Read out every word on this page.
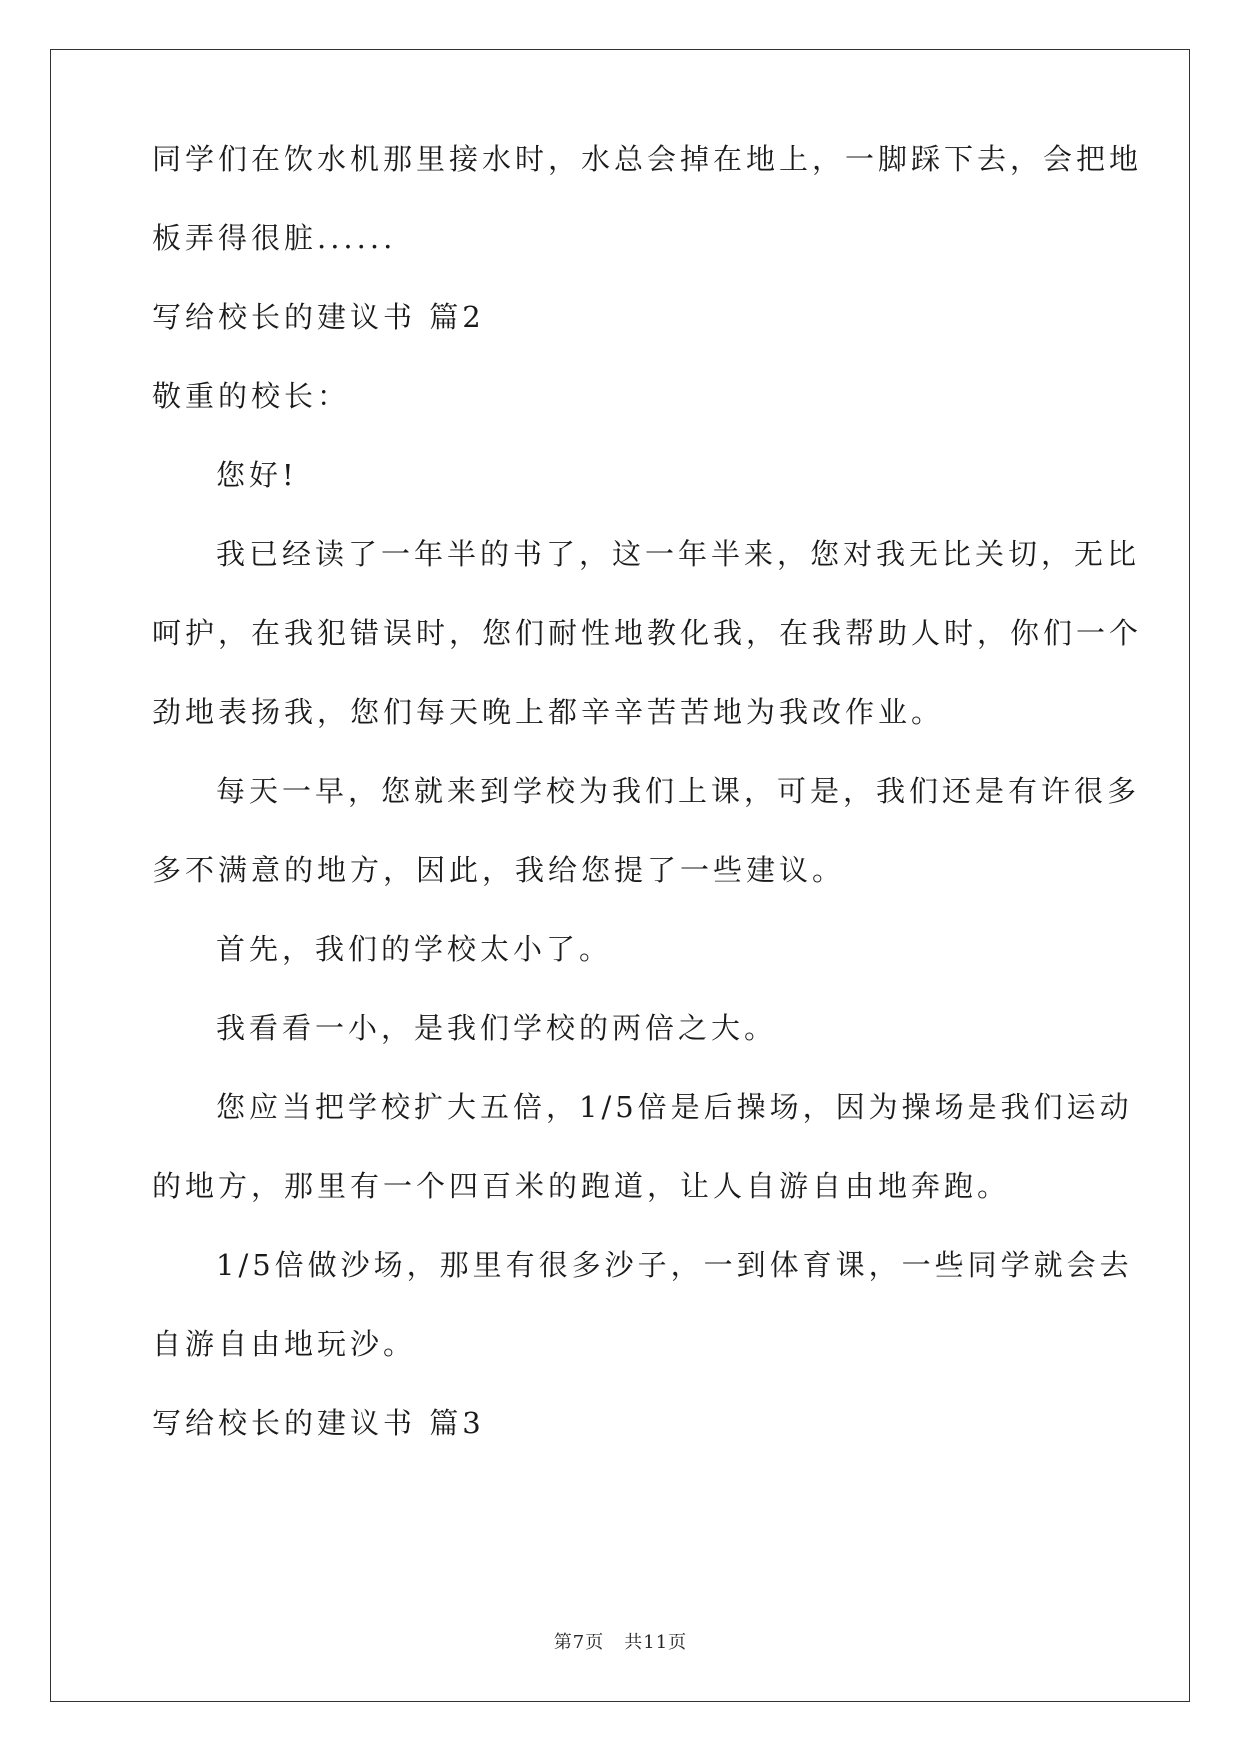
同学们在饮水机那里接水时，水总会掉在地上，一脚踩下去，会把地
板弄得很脏......
写给校长的建议书 篇2
敬重的校长：
您好!
我已经读了一年半的书了，这一年半来，您对我无比关切，无比
呵护，在我犯错误时，您们耐性地教化我，在我帮助人时，你们一个
劲地表扬我，您们每天晚上都辛辛苦苦地为我改作业。
每天一早，您就来到学校为我们上课，可是，我们还是有许很多
多不满意的地方，因此，我给您提了一些建议。
首先，我们的学校太小了。
我看看一小，是我们学校的两倍之大。
您应当把学校扩大五倍，1/5倍是后操场，因为操场是我们运动
的地方，那里有一个四百米的跑道，让人自游自由地奔跑。
1/5倍做沙场，那里有很多沙子，一到体育课，一些同学就会去
自游自由地玩沙。
写给校长的建议书 篇3
第7页 共11页
